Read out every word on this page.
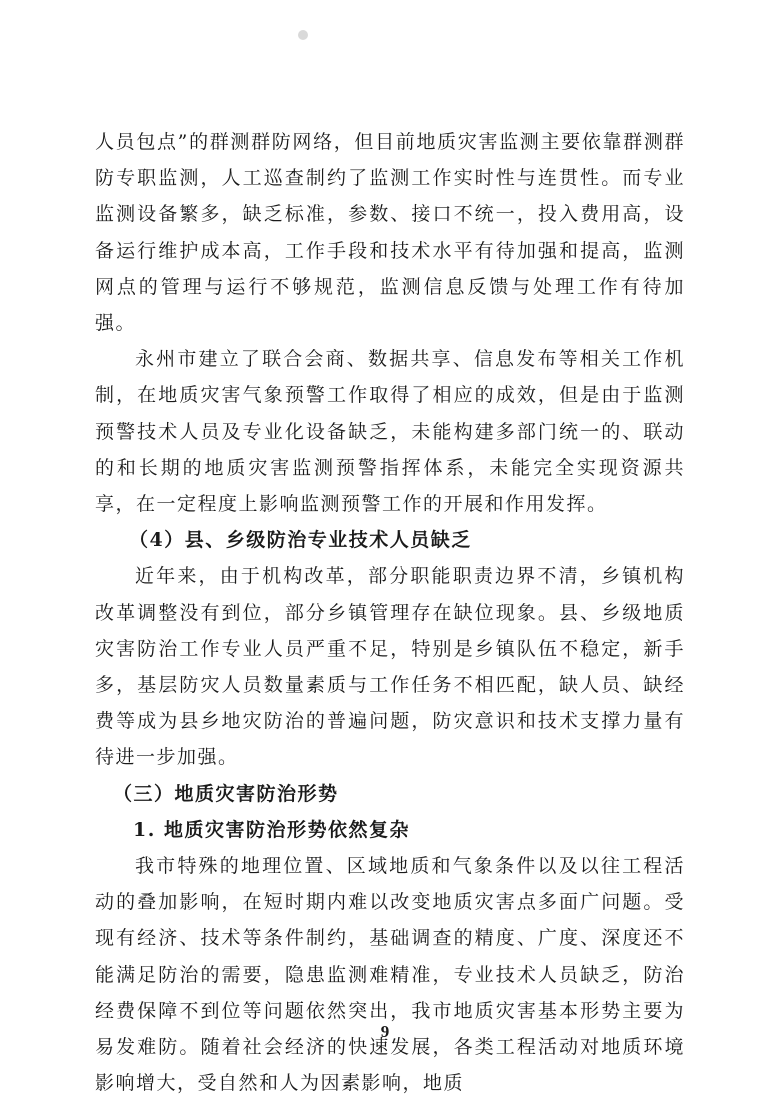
人员包点”的群测群防网络，但目前地质灾害监测主要依靠群测群防专职监测，人工巡查制约了监测工作实时性与连贯性。而专业监测设备繁多，缺乏标准，参数、接口不统一，投入费用高，设备运行维护成本高，工作手段和技术水平有待加强和提高，监测网点的管理与运行不够规范，监测信息反馈与处理工作有待加强。

永州市建立了联合会商、数据共享、信息发布等相关工作机制，在地质灾害气象预警工作取得了相应的成效，但是由于监测预警技术人员及专业化设备缺乏，未能构建多部门统一的、联动的和长期的地质灾害监测预警指挥体系，未能完全实现资源共享，在一定程度上影响监测预警工作的开展和作用发挥。

（4）县、乡级防治专业技术人员缺乏

近年来，由于机构改革，部分职能职责边界不清，乡镇机构改革调整没有到位，部分乡镇管理存在缺位现象。县、乡级地质灾害防治工作专业人员严重不足，特别是乡镇队伍不稳定，新手多，基层防灾人员数量素质与工作任务不相匹配，缺人员、缺经费等成为县乡地灾防治的普遍问题，防灾意识和技术支撑力量有待进一步加强。

（三）地质灾害防治形势
1. 地质灾害防治形势依然复杂

我市特殊的地理位置、区域地质和气象条件以及以往工程活动的叠加影响，在短时期内难以改变地质灾害点多面广问题。受现有经济、技术等条件制约，基础调查的精度、广度、深度还不能满足防治的需要，隐患监测难精准，专业技术人员缺乏，防治经费保障不到位等问题依然突出，我市地质灾害基本形势主要为易发难防。随着社会经济的快速发展，各类工程活动对地质环境影响增大，受自然和人为因素影响，地质

9
